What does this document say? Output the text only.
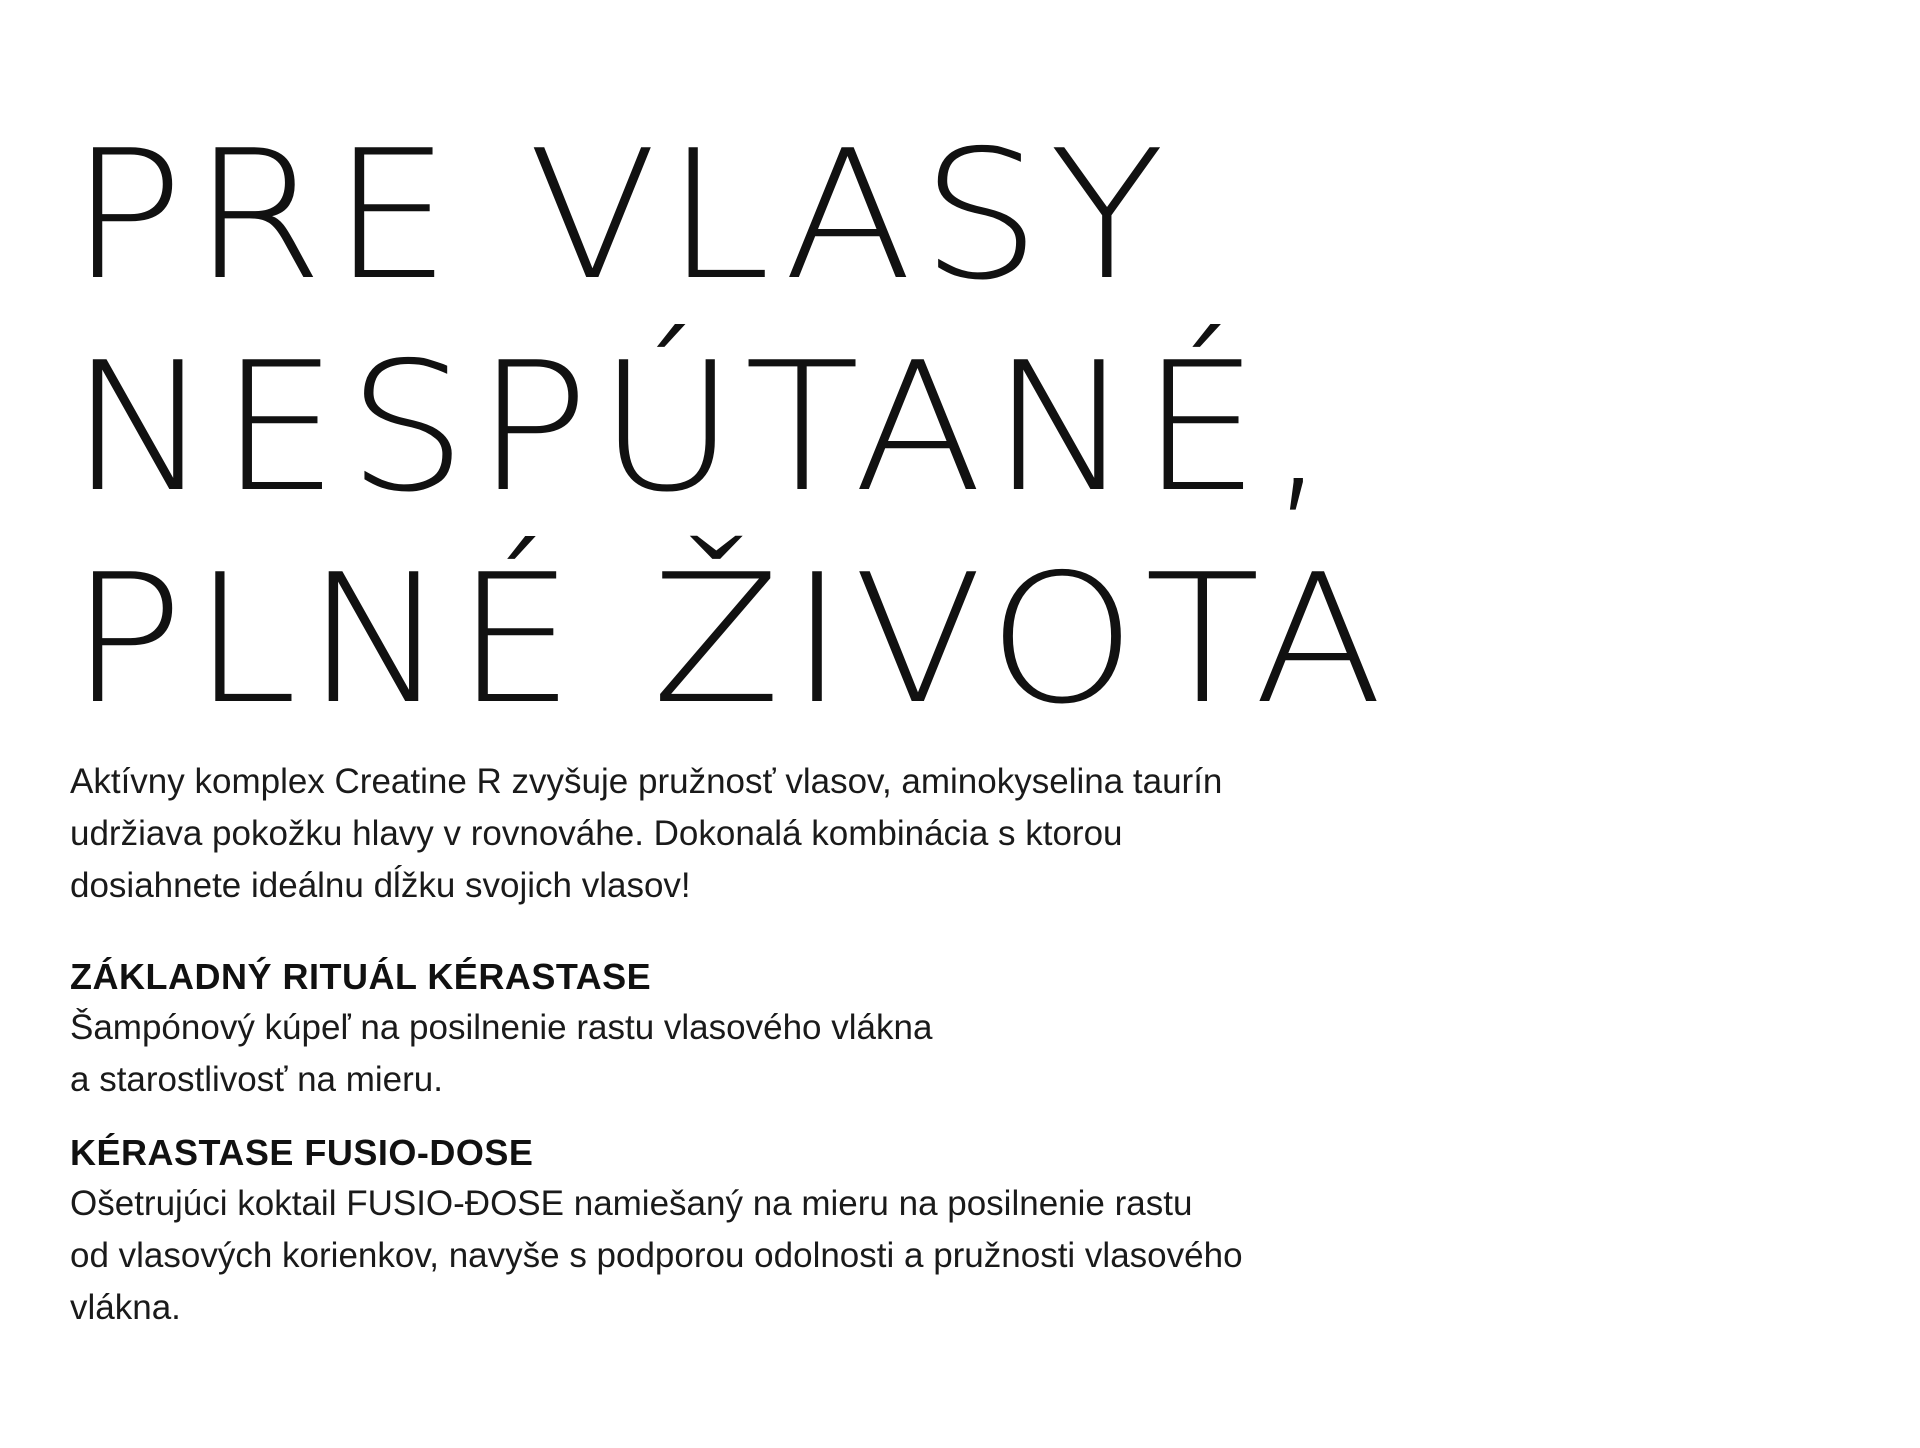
PRE VLASY
NESPÚTANÉ,
PLNÉ ŽIVOTA

Aktívny komplex Creatine R zvyšuje pružnosť vlasov, aminokyselina taurín
udržiava pokožku hlavy v rovnováhe. Dokonalá kombinácia s ktorou
dosiahnete ideálnu dĺžku svojich vlasov!

ZÁKLADNÝ RITUÁL KÉRASTASE

Šampónový kúpeľ na posilnenie rastu vlasového vlákna
a starostlivosť na mieru.

KÉRASTASE FUSIO-DOSE

Ošetrujúci koktail FUSIO-ĐOSE namiešaný na mieru na posilnenie rastu
od vlasových korienkov, navyše s podporou odolnosti a pružnosti vlasového
vlákna.
